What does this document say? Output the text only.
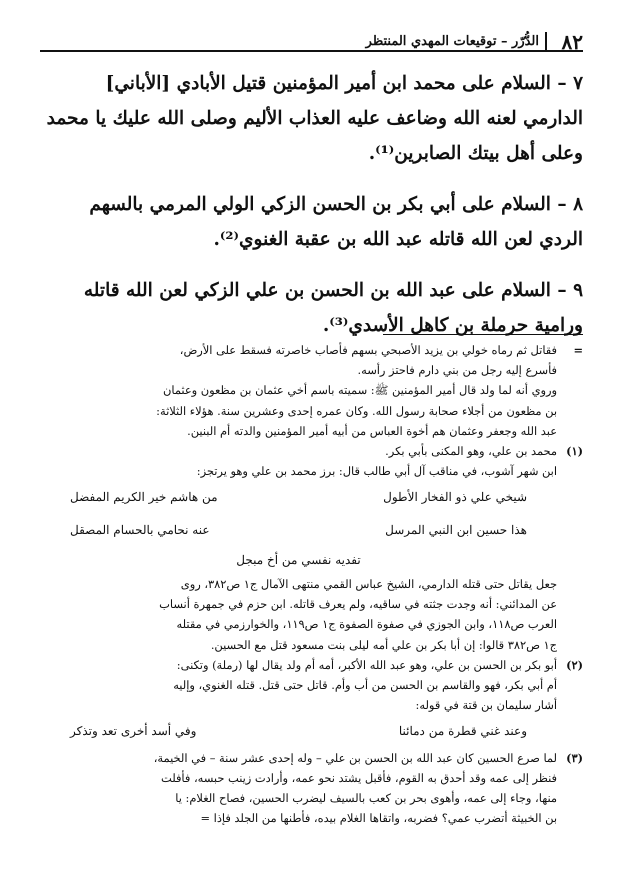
٨٢
الدُّرّر – توقيعات المهدي المنتظر

٧ – السلام على محمد ابن أمير المؤمنين قتيل الأبادي [الأباني]
الدارمي لعنه الله وضاعف عليه العذاب الأليم وصلى الله عليك يا محمد
وعلى أهل بيتك الصابرين⁽¹⁾.

٨ – السلام على أبي بكر بن الحسن الزكي الولي المرمي بالسهم
الردي لعن الله قاتله عبد الله بن عقبة الغنوي⁽²⁾.

٩ – السلام على عبد الله بن الحسن بن علي الزكي لعن الله قاتله
ورامية حرملة بن كاهل الأسدي⁽³⁾.

=
فقاتل ثم رماه خولي بن يزيد الأصبحي بسهم فأصاب خاصرته فسقط على الأرض،
فأسرع إليه رجل من بني دارم فاحتز رأسه.
وروي أنه لما ولد قال أمير المؤمنين ﷺ: سميته باسم أخي عثمان بن مظعون وعثمان
بن مظعون من أجلاء صحابة رسول الله. وكان عمره إحدى وعشرين سنة. هؤلاء الثلاثة:
عبد الله وجعفر وعثمان هم أخوة العباس من أبيه أمير المؤمنين والدته أم البنين.
(١)
محمد بن علي، وهو المكنى بأبي بكر.
ابن شهر آشوب، في مناقب آل أبي طالب قال: برز محمد بن علي وهو يرتجز:
شيخي علي ذو الفخار الأطول
من هاشم خير الكريم المفضل
هذا حسين ابن النبي المرسل
عنه نحامي بالحسام المصقل
تفديه نفسي من أخ مبجل
جعل يقاتل حتى قتله الدارمي، الشيخ عباس القمي منتهى الآمال ج١ ص٣٨٢، روى
عن المدائني: أنه وجدت جثته في ساقيه، ولم يعرف قاتله. ابن حزم في جمهرة أنساب
العرب ص١١٨، وابن الجوزي في صفوة الصفوة ج١ ص١١٩، والخوارزمي في مقتله
ج١ ص٣٨٢ قالوا: إن أبا بكر بن علي أمه ليلى بنت مسعود قتل مع الحسين.
(٢)
أبو بكر بن الحسن بن علي، وهو عبد الله الأكبر، أمه أم ولد يقال لها (رملة) وتكنى:
أم أبي بكر، فهو والقاسم بن الحسن من أب وأم. قاتل حتى قتل. قتله الغنوي، وإليه
أشار سليمان بن قتة في قوله:
وعند غني قطرة من دمائنا
وفي أسد أخرى تعد وتذكر
(٣)
لما صرع الحسين كان عبد الله بن الحسن بن علي – وله إحدى عشر سنة – في الخيمة،
فنظر إلى عمه وقد أحدق به القوم، فأقبل يشتد نحو عمه، وأرادت زينب حبسه، فأفلت
منها، وجاء إلى عمه، وأهوى بحر بن كعب بالسيف ليضرب الحسين، فصاح الغلام: يا
بن الخبيثة أتضرب عمي؟ فضربه، واتقاها الغلام بيده، فأطنها من الجلد فإذا =
